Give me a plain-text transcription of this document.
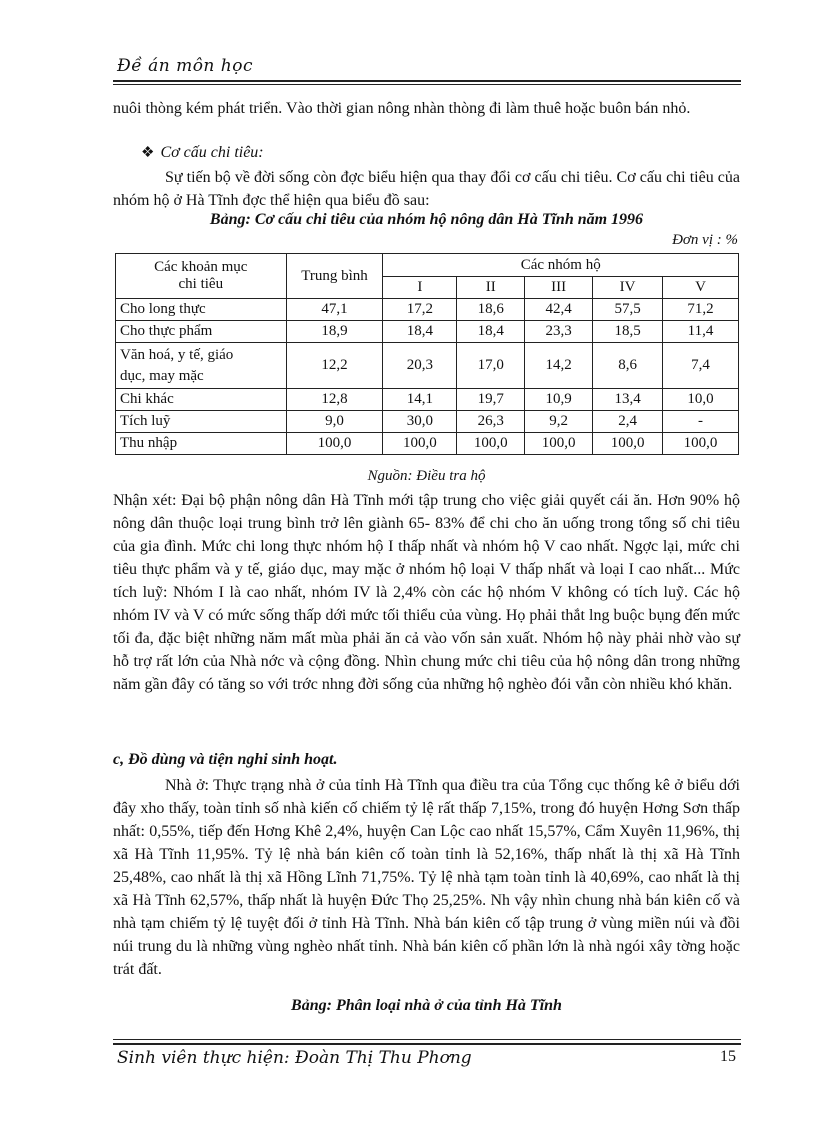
Đề án môn học

nuôi thòng kém phát triển. Vào thời gian nông nhàn thòng đi làm thuê hoặc buôn bán nhỏ.

❖ Cơ cấu chi tiêu:

Sự tiến bộ về đời sống còn đợc biểu hiện qua thay đổi cơ cấu chi tiêu. Cơ cấu chi tiêu của nhóm hộ ở Hà Tĩnh đợc thể hiện qua biểu đồ sau:

Bảng: Cơ cấu chi tiêu của nhóm hộ nông dân Hà Tĩnh năm 1996
Đơn vị : %
Các khoản mục
chi tiêu	Trung bình	Các nhóm hộ				
		I	II	III	IV	V
Cho long thực	47,1	17,2	18,6	42,4	57,5	71,2
Cho thực phẩm	18,9	18,4	18,4	23,3	18,5	11,4
Văn hoá, y tế, giáo
dục, may mặc	12,2	20,3	17,0	14,2	8,6	7,4
Chi khác	12,8	14,1	19,7	10,9	13,4	10,0
Tích luỹ	9,0	30,0	26,3	9,2	2,4	-
Thu nhập	100,0	100,0	100,0	100,0	100,0	100,0
Nguồn: Điều tra hộ

Nhận xét: Đại bộ phận nông dân Hà Tĩnh mới tập trung cho việc giải quyết cái ăn. Hơn 90% hộ nông dân thuộc loại trung bình trở lên giành 65- 83% để chi cho ăn uống trong tổng số chi tiêu của gia đình. Mức chi long thực nhóm hộ I thấp nhất và nhóm hộ V cao nhất. Ngợc lại, mức chi tiêu thực phẩm và y tế, giáo dục, may mặc ở nhóm hộ loại V thấp nhất và loại I cao nhất... Mức tích luỹ: Nhóm I là cao nhất, nhóm IV là 2,4% còn các hộ nhóm V không có tích luỹ. Các hộ nhóm IV và V có mức sống thấp dới mức tối thiểu của vùng. Họ phải thắt lng buộc bụng đến mức tối đa, đặc biệt những năm mất mùa phải ăn cả vào vốn sản xuất. Nhóm hộ này phải nhờ vào sự hỗ trợ rất lớn của Nhà nớc và cộng đồng. Nhìn chung mức chi tiêu của hộ nông dân trong những năm gần đây có tăng so với trớc nhng đời sống của những hộ nghèo đói vẫn còn nhiều khó khăn.

c, Đồ dùng và tiện nghi sinh hoạt.

Nhà ở: Thực trạng nhà ở của tỉnh Hà Tĩnh qua điều tra của Tổng cục thống kê ở biểu dới đây xho thấy, toàn tỉnh số nhà kiến cố chiếm tỷ lệ rất thấp 7,15%, trong đó huyện Hơng Sơn thấp nhất: 0,55%, tiếp đến Hơng Khê 2,4%, huyện Can Lộc cao nhất 15,57%, Cẩm Xuyên 11,96%, thị xã Hà Tĩnh 11,95%. Tỷ lệ nhà bán kiên cố toàn tỉnh là 52,16%, thấp nhất là thị xã Hà Tĩnh 25,48%, cao nhất là thị xã Hồng Lĩnh 71,75%. Tỷ lệ nhà tạm toàn tỉnh là 40,69%, cao nhất là thị xã Hà Tĩnh 62,57%, thấp nhất là huyện Đức Thọ 25,25%. Nh vậy nhìn chung nhà bán kiên cố và nhà tạm chiếm tỷ lệ tuyệt đối ở tỉnh Hà Tĩnh. Nhà bán kiên cố tập trung ở vùng miền núi và đồi núi trung du là những vùng nghèo nhất tỉnh. Nhà bán kiên cố phần lớn là nhà ngói xây tờng hoặc trát đất.

Bảng: Phân loại nhà ở của tỉnh Hà Tĩnh
Sinh viên thực hiện: Đoàn Thị Thu Phơng	15
